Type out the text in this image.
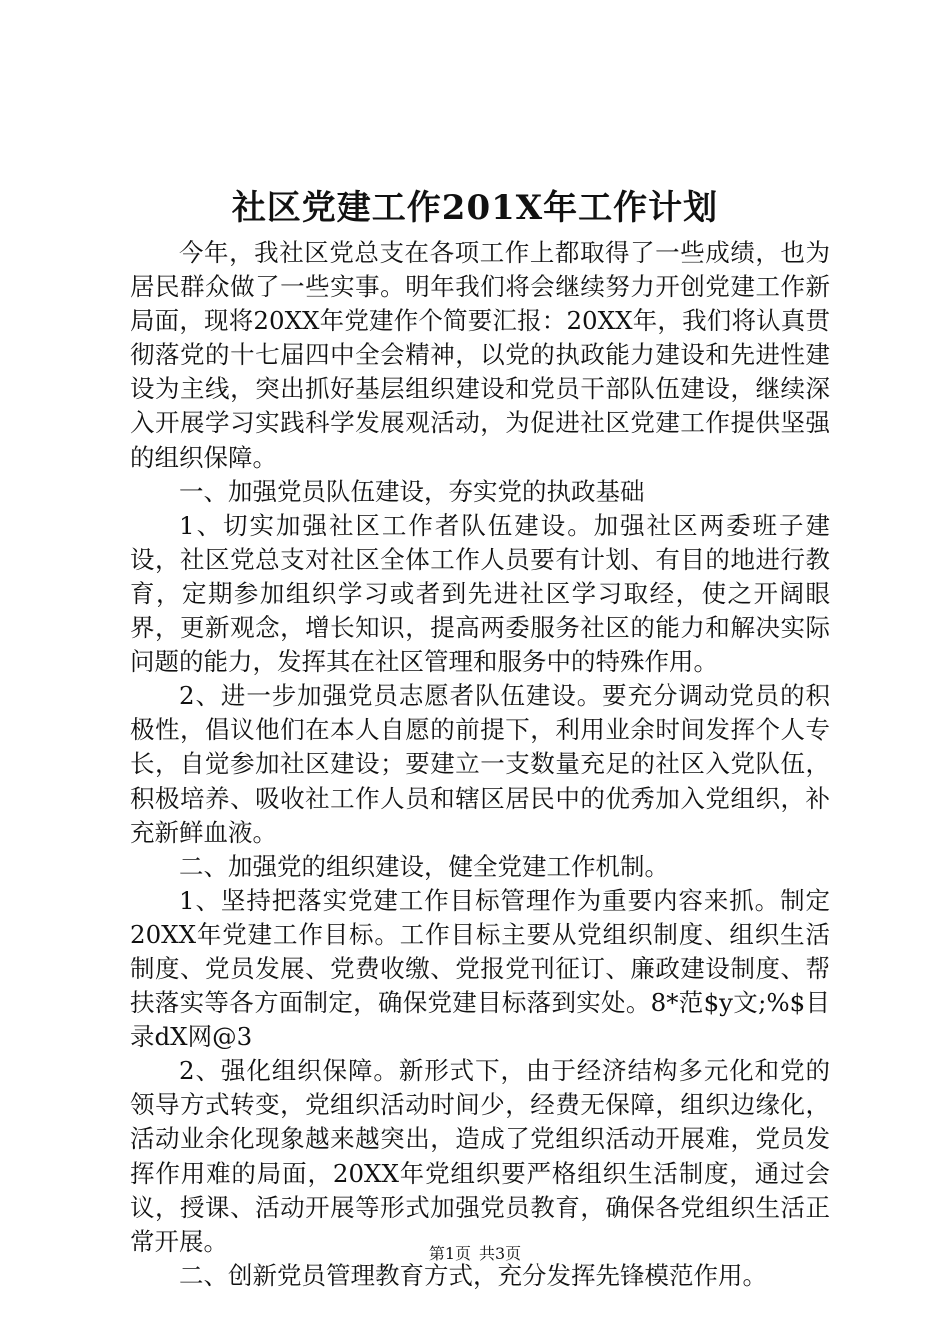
社区党建工作201X年工作计划

今年，我社区党总支在各项工作上都取得了一些成绩，也为居民群众做了一些实事。明年我们将会继续努力开创党建工作新局面，现将20XX年党建作个简要汇报：20XX年，我们将认真贯彻落党的十七届四中全会精神，以党的执政能力建设和先进性建设为主线，突出抓好基层组织建设和党员干部队伍建设，继续深入开展学习实践科学发展观活动，为促进社区党建工作提供坚强的组织保障。

一、加强党员队伍建设，夯实党的执政基础

1、切实加强社区工作者队伍建设。加强社区两委班子建设，社区党总支对社区全体工作人员要有计划、有目的地进行教育，定期参加组织学习或者到先进社区学习取经，使之开阔眼界，更新观念，增长知识，提高两委服务社区的能力和解决实际问题的能力，发挥其在社区管理和服务中的特殊作用。

2、进一步加强党员志愿者队伍建设。要充分调动党员的积极性，倡议他们在本人自愿的前提下，利用业余时间发挥个人专长，自觉参加社区建设；要建立一支数量充足的社区入党队伍，积极培养、吸收社工作人员和辖区居民中的优秀加入党组织，补充新鲜血液。

二、加强党的组织建设，健全党建工作机制。

1、坚持把落实党建工作目标管理作为重要内容来抓。制定20XX年党建工作目标。工作目标主要从党组织制度、组织生活制度、党员发展、党费收缴、党报党刊征订、廉政建设制度、帮扶落实等各方面制定，确保党建目标落到实处。8*范$y文;%$目录dX网@3

2、强化组织保障。新形式下，由于经济结构多元化和党的领导方式转变，党组织活动时间少，经费无保障，组织边缘化，活动业余化现象越来越突出，造成了党组织活动开展难，党员发挥作用难的局面，20XX年党组织要严格组织生活制度，通过会议，授课、活动开展等形式加强党员教育，确保各党组织生活正常开展。

二、创新党员管理教育方式，充分发挥先锋模范作用。

第1页 共3页
